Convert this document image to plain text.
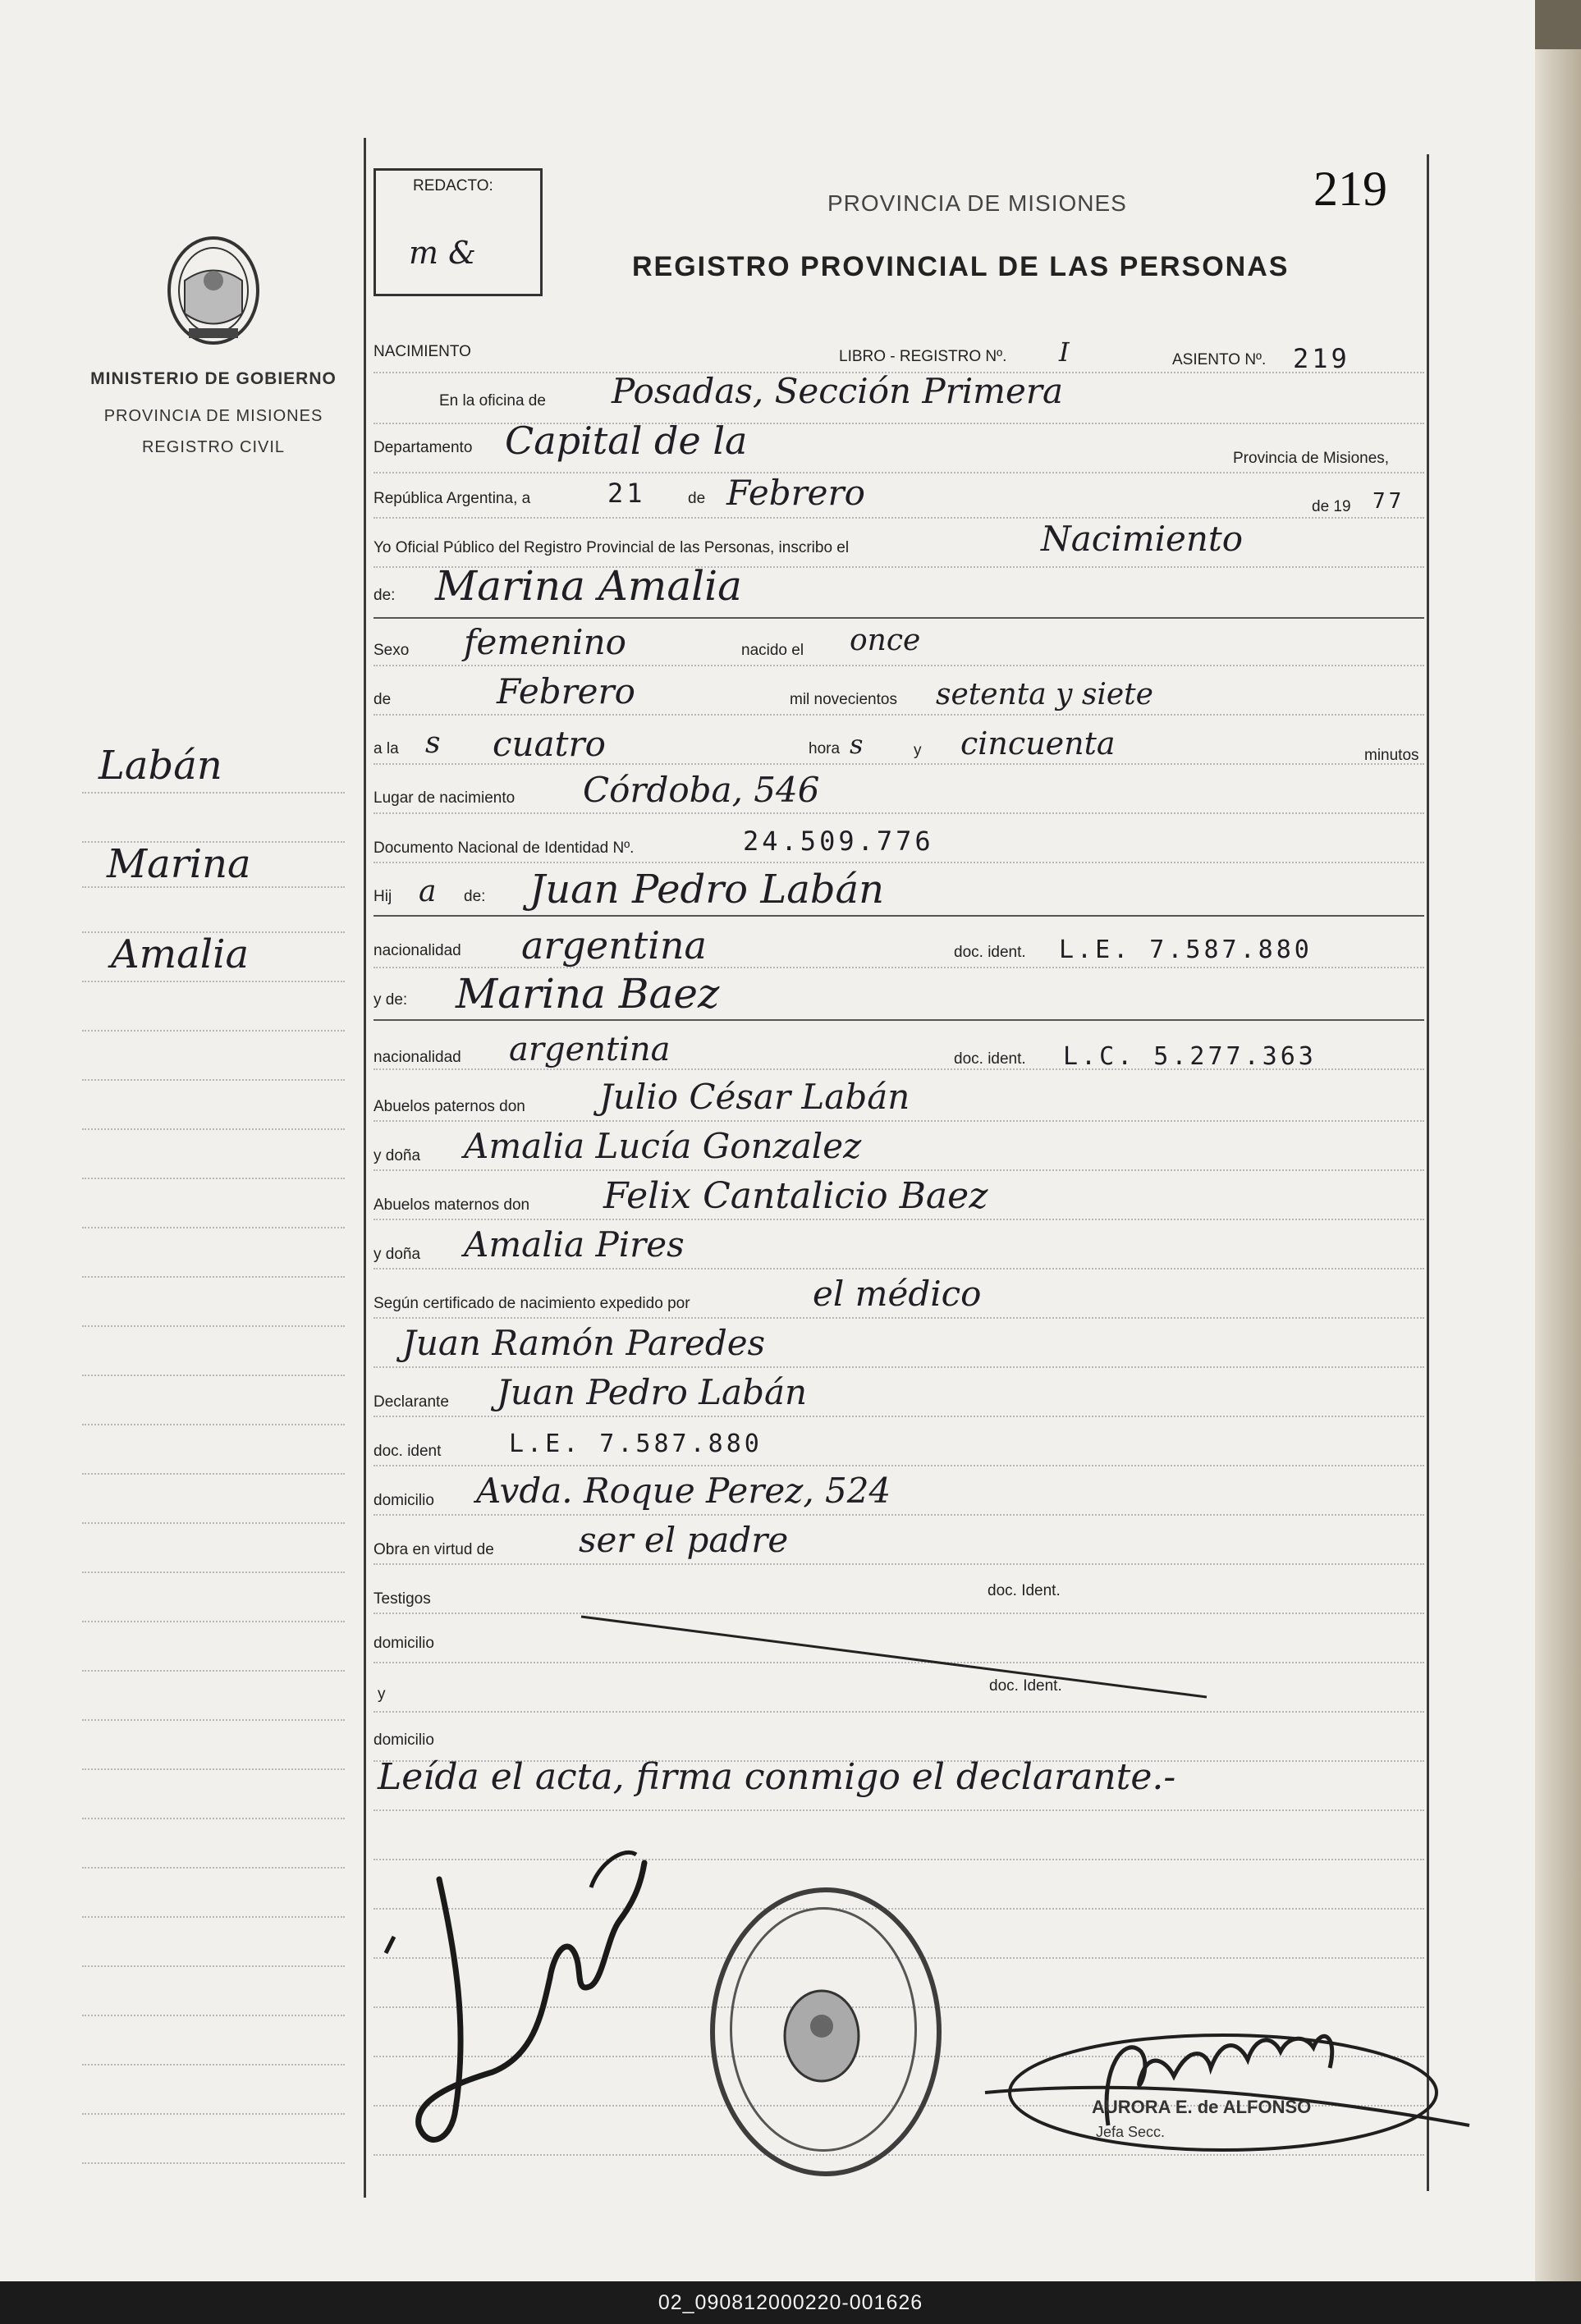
219
REDACTO:
m &
PROVINCIA DE MISIONES
REGISTRO PROVINCIAL DE LAS PERSONAS
MINISTERIO DE GOBIERNO
PROVINCIA DE MISIONES
REGISTRO CIVIL
Labán
Marina
Amalia
NACIMIENTO	LIBRO - REGISTRO Nº. I	ASIENTO Nº. 219
En la oficina de Posadas, Sección Primera
Departamento Capital de la	Provincia de Misiones,
República Argentina, a	21	de Febrero	de 19 77
Yo Oficial Público del Registro Provincial de las Personas, inscribo el	Nacimiento
de: Marina Amalia
Sexo femenino	nacido el once
de	Febrero	mil novecientos setenta y siete
a la s cuatro	hora s	y cincuenta	minutos
Lugar de nacimiento Córdoba, 546
Documento Nacional de Identidad Nº.	24.509.776
Hij a de: Juan Pedro Labán
nacionalidad argentina	doc. ident. L.E. 7.587.880
y de: Marina Baez
nacionalidad argentina	doc. ident. L.C. 5.277.363
Abuelos paternos don Julio César Labán
y doña Amalia Lucía Gonzalez
Abuelos maternos don Felix Cantalicio Baez
y doña Amalia Pires
Según certificado de nacimiento expedido por	el médico
Juan Ramón Paredes
Declarante Juan Pedro Labán
doc. ident	L.E. 7.587.880
domicilio Avda. Roque Perez, 524
Obra en virtud de ser el padre
Testigos	doc. Ident.
domicilio
y	doc. Ident.
domicilio
Leída el acta, firma conmigo el declarante.-
AURORA E. de ALFONSO
Jefa Secc.
02_090812000220-001626
